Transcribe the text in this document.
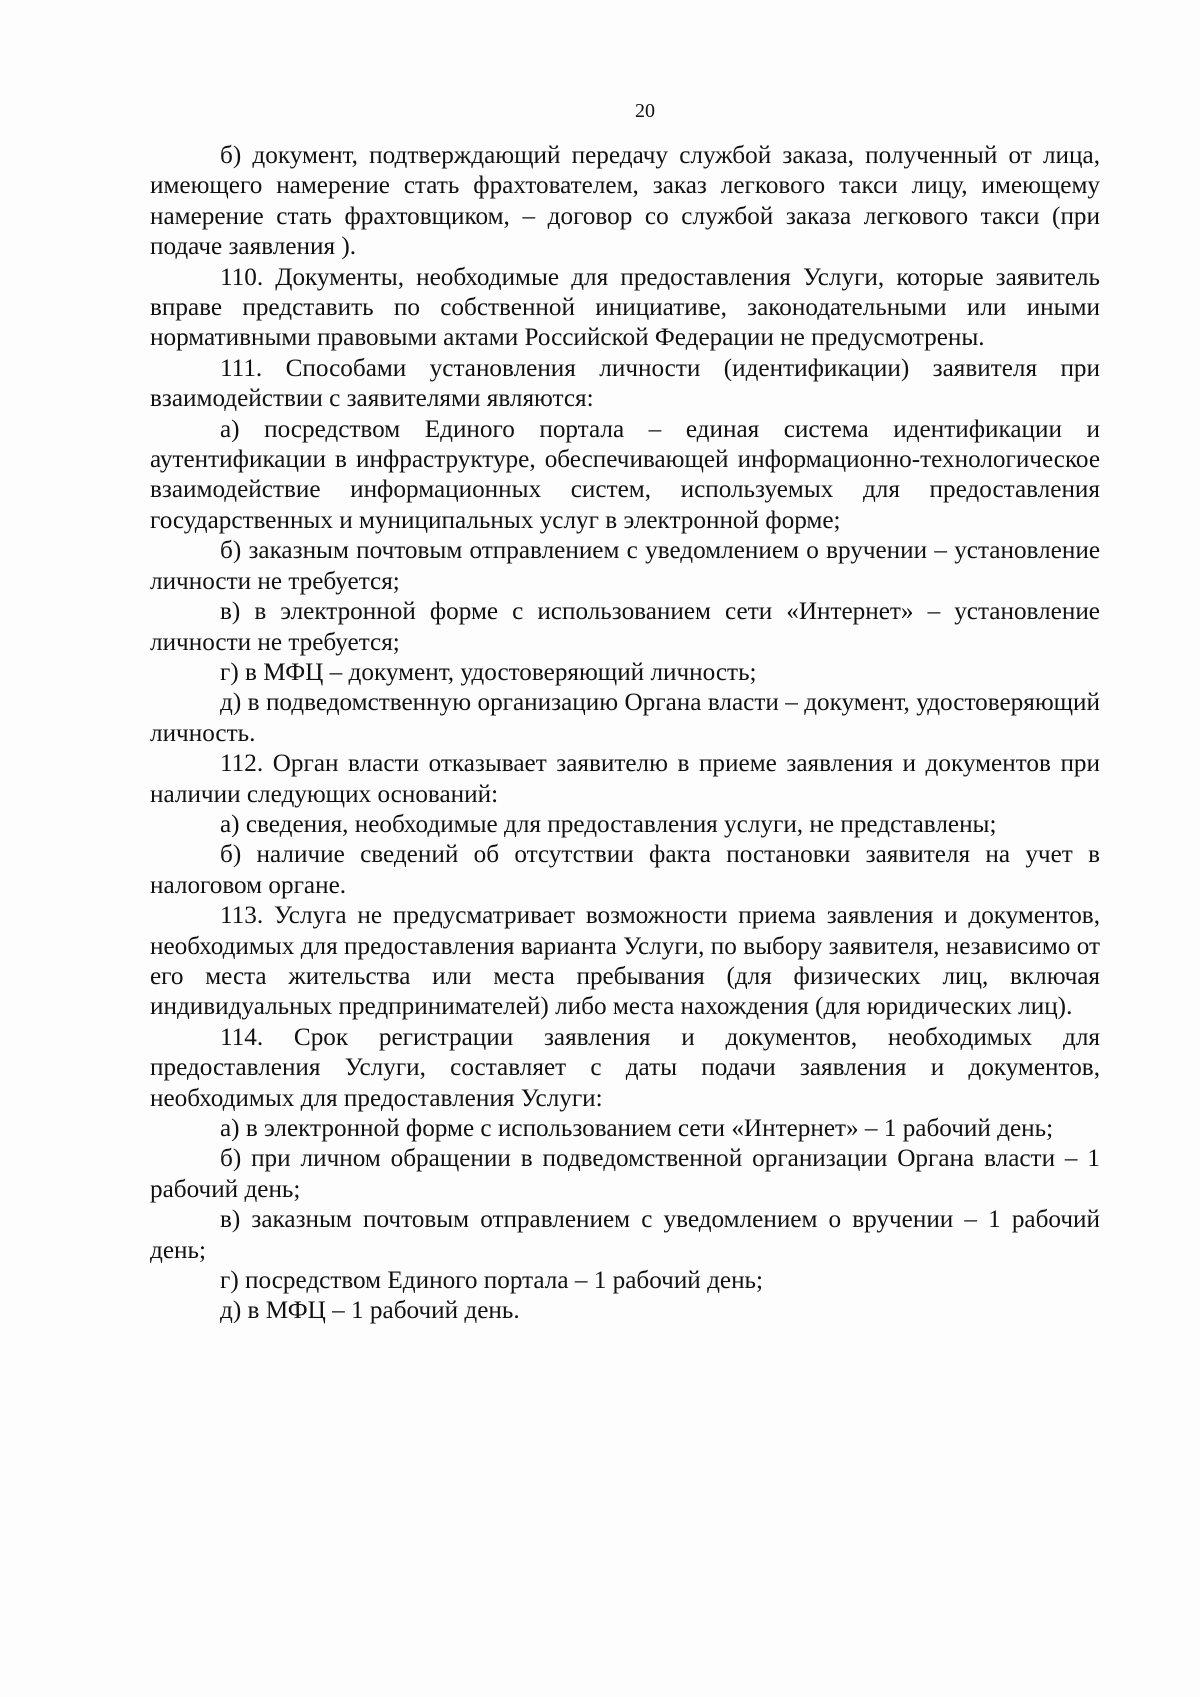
20

б) документ, подтверждающий передачу службой заказа, полученный от лица, имеющего намерение стать фрахтователем, заказ легкового такси лицу, имеющему намерение стать фрахтовщиком, – договор со службой заказа легкового такси (при подаче заявления ).

110. Документы, необходимые для предоставления Услуги, которые заявитель вправе представить по собственной инициативе, законодательными или иными нормативными правовыми актами Российской Федерации не предусмотрены.

111. Способами установления личности (идентификации) заявителя при взаимодействии с заявителями являются:

а) посредством Единого портала – единая система идентификации и аутентификации в инфраструктуре, обеспечивающей информационно-технологическое взаимодействие информационных систем, используемых для предоставления государственных и муниципальных услуг в электронной форме;

б) заказным почтовым отправлением с уведомлением о вручении – установление личности не требуется;

в) в электронной форме с использованием сети «Интернет» – установление личности не требуется;

г) в МФЦ – документ, удостоверяющий личность;

д) в подведомственную организацию Органа власти – документ, удостоверяющий личность.

112. Орган власти отказывает заявителю в приеме заявления и документов при наличии следующих оснований:

а) сведения, необходимые для предоставления услуги, не представлены;

б) наличие сведений об отсутствии факта постановки заявителя на учет в налоговом органе.

113. Услуга не предусматривает возможности приема заявления и документов, необходимых для предоставления варианта Услуги, по выбору заявителя, независимо от его места жительства или места пребывания (для физических лиц, включая индивидуальных предпринимателей) либо места нахождения (для юридических лиц).

114. Срок регистрации заявления и документов, необходимых для предоставления Услуги, составляет с даты подачи заявления и документов, необходимых для предоставления Услуги:

а) в электронной форме с использованием сети «Интернет» – 1 рабочий день;

б) при личном обращении в подведомственной организации Органа власти – 1 рабочий день;

в) заказным почтовым отправлением с уведомлением о вручении – 1 рабочий день;

г) посредством Единого портала – 1 рабочий день;

д) в МФЦ – 1 рабочий день.
